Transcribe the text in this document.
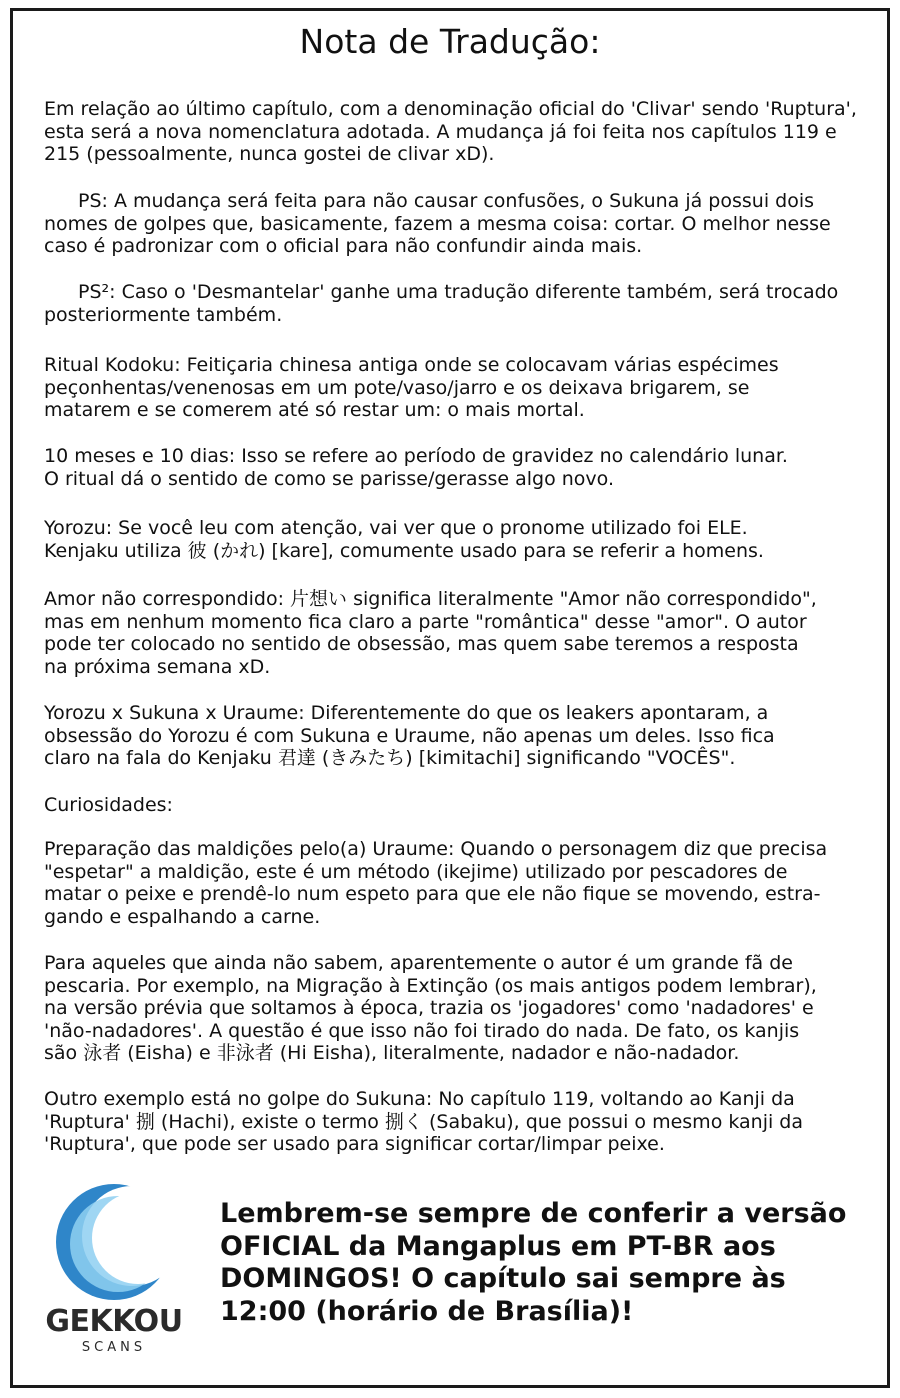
Nota de Tradução:

Em relação ao último capítulo, com a denominação oficial do 'Clivar' sendo 'Ruptura',
esta será a nova nomenclatura adotada. A mudança já foi feita nos capítulos 119 e
215 (pessoalmente, nunca gostei de clivar xD).

PS: A mudança será feita para não causar confusões, o Sukuna já possui dois
nomes de golpes que, basicamente, fazem a mesma coisa: cortar. O melhor nesse
caso é padronizar com o oficial para não confundir ainda mais.

PS²: Caso o 'Desmantelar' ganhe uma tradução diferente também, será trocado
posteriormente também.

Ritual Kodoku: Feitiçaria chinesa antiga onde se colocavam várias espécimes
peçonhentas/venenosas em um pote/vaso/jarro e os deixava brigarem, se
matarem e se comerem até só restar um: o mais mortal.

10 meses e 10 dias: Isso se refere ao período de gravidez no calendário lunar.
O ritual dá o sentido de como se parisse/gerasse algo novo.

Yorozu: Se você leu com atenção, vai ver que o pronome utilizado foi ELE.
Kenjaku utiliza 彼 (かれ) [kare], comumente usado para se referir a homens.

Amor não correspondido: 片想い significa literalmente "Amor não correspondido",
mas em nenhum momento fica claro a parte "romântica" desse "amor". O autor
pode ter colocado no sentido de obsessão, mas quem sabe teremos a resposta
na próxima semana xD.

Yorozu x Sukuna x Uraume: Diferentemente do que os leakers apontaram, a
obsessão do Yorozu é com Sukuna e Uraume, não apenas um deles. Isso fica
claro na fala do Kenjaku 君達 (きみたち) [kimitachi] significando "VOCÊS".

Curiosidades:

Preparação das maldições pelo(a) Uraume: Quando o personagem diz que precisa
"espetar" a maldição, este é um método (ikejime) utilizado por pescadores de
matar o peixe e prendê-lo num espeto para que ele não fique se movendo, estra-
gando e espalhando a carne.

Para aqueles que ainda não sabem, aparentemente o autor é um grande fã de
pescaria. Por exemplo, na Migração à Extinção (os mais antigos podem lembrar),
na versão prévia que soltamos à época, trazia os 'jogadores' como 'nadadores' e
'não-nadadores'. A questão é que isso não foi tirado do nada. De fato, os kanjis
são 泳者 (Eisha) e 非泳者 (Hi Eisha), literalmente, nadador e não-nadador.

Outro exemplo está no golpe do Sukuna: No capítulo 119, voltando ao Kanji da
'Ruptura' 捌 (Hachi), existe o termo 捌く (Sabaku), que possui o mesmo kanji da
'Ruptura', que pode ser usado para significar cortar/limpar peixe.

GEKKOU
SCANS

Lembrem-se sempre de conferir a versão
OFICIAL da Mangaplus em PT-BR aos
DOMINGOS! O capítulo sai sempre às
12:00 (horário de Brasília)!
